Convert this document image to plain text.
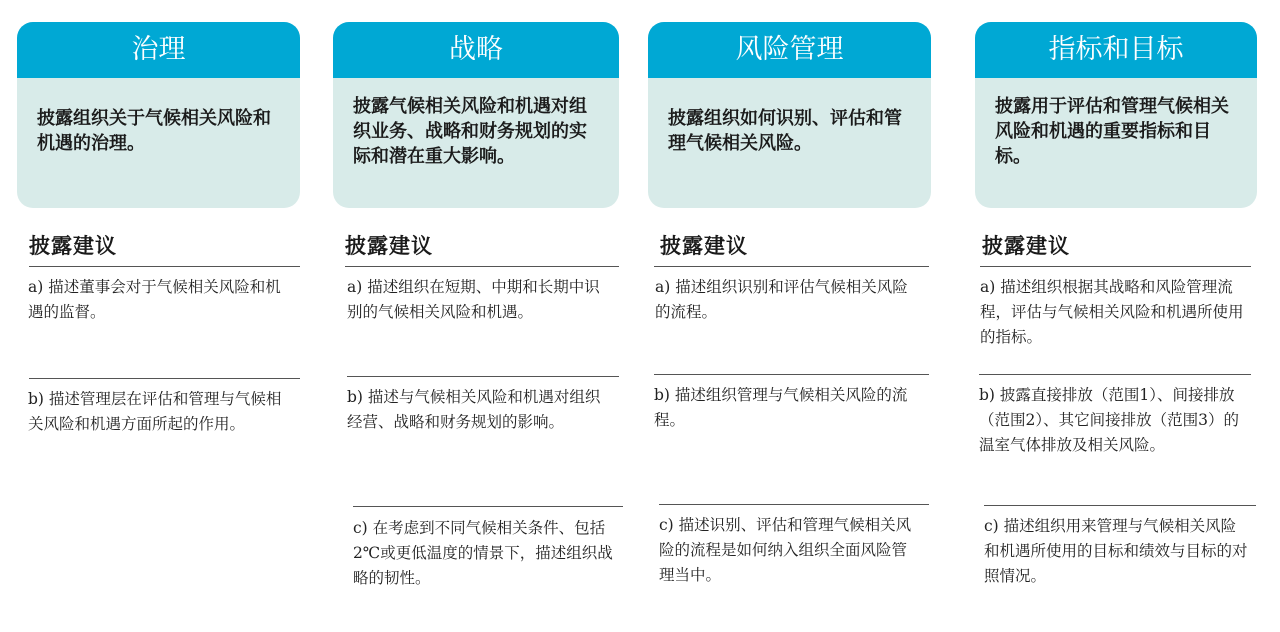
治理
披露组织关于气候相关风险和机遇的治理。
披露建议
a) 描述董事会对于气候相关风险和机遇的监督。
b) 描述管理层在评估和管理与气候相关风险和机遇方面所起的作用。
战略
披露气候相关风险和机遇对组织业务、战略和财务规划的实际和潜在重大影响。
披露建议
a) 描述组织在短期、中期和长期中识别的气候相关风险和机遇。
b) 描述与气候相关风险和机遇对组织经营、战略和财务规划的影响。
c) 在考虑到不同气候相关条件、包括2℃或更低温度的情景下，描述组织战略的韧性。
风险管理
披露组织如何识别、评估和管理气候相关风险。
披露建议
a) 描述组织识别和评估气候相关风险的流程。
b) 描述组织管理与气候相关风险的流程。
c) 描述识别、评估和管理气候相关风险的流程是如何纳入组织全面风险管理当中。
指标和目标
披露用于评估和管理气候相关风险和机遇的重要指标和目标。
披露建议
a) 描述组织根据其战略和风险管理流程，评估与气候相关风险和机遇所使用的指标。
b) 披露直接排放（范围1）、间接排放（范围2）、其它间接排放（范围3）的温室气体排放及相关风险。
c) 描述组织用来管理与气候相关风险和机遇所使用的目标和绩效与目标的对照情况。
